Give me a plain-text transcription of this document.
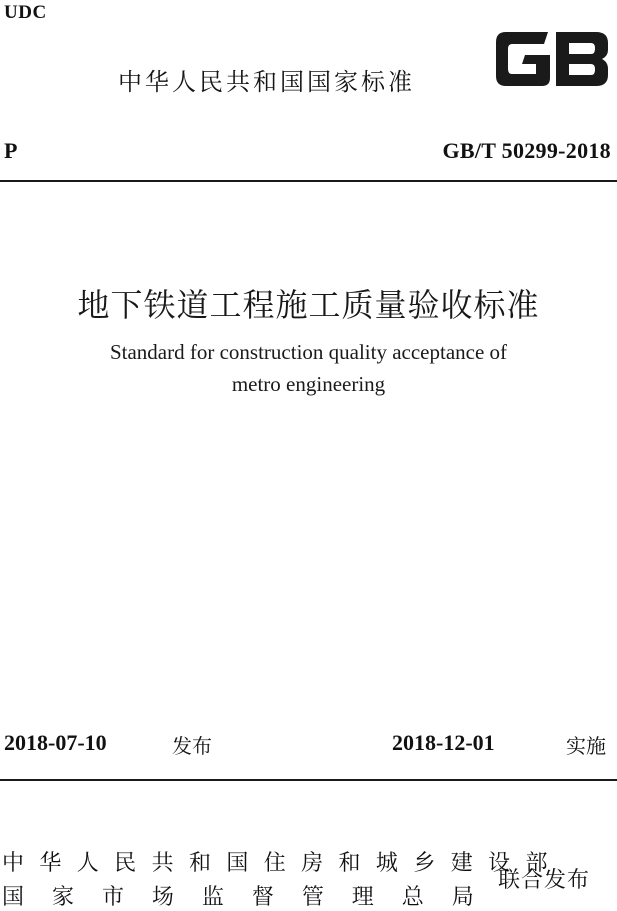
UDC
中华人民共和国国家标准
P	GB/T 50299-2018
地下铁道工程施工质量验收标准
Standard for construction quality acceptance of
metro engineering
2018-07-10	发布	2018-12-01	实施
中 华 人 民 共 和 国 住 房 和 城 乡 建 设 部
国    家    市    场    监    督    管    理    总    局
联合发布
